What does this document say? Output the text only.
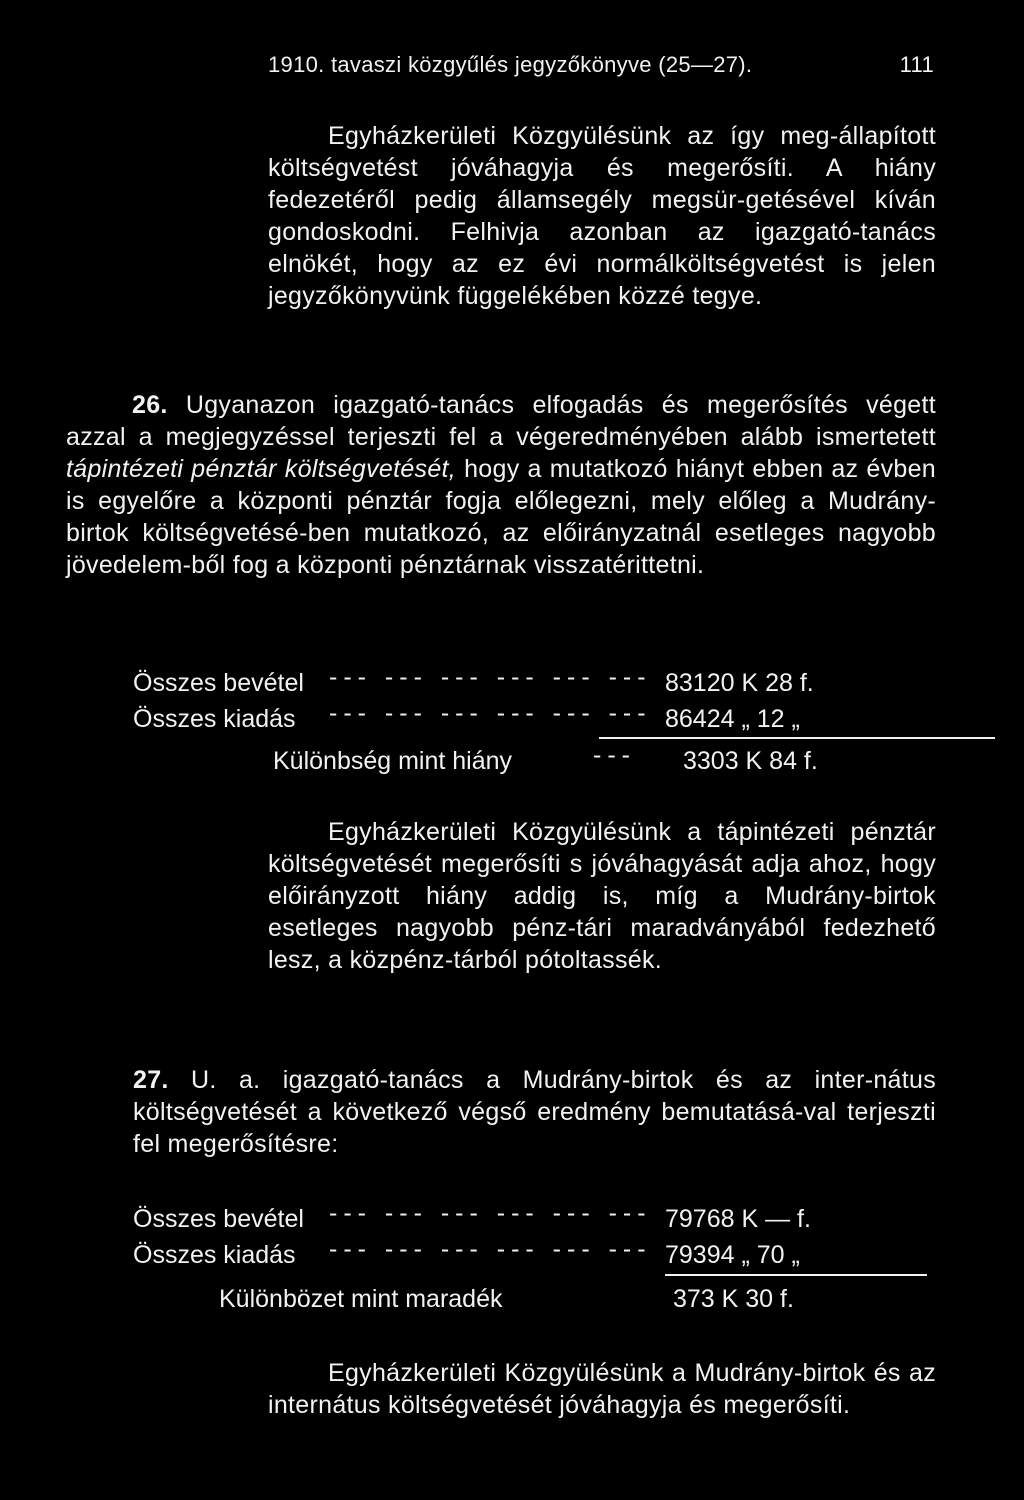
1910. tavaszi közgyűlés jegyzőkönyve (25—27).	111
Egyházkerületi Közgyülésünk az így meg-állapított költségvetést jóváhagyja és megerősíti. A hiány fedezetéről pedig államsegély megsür-getésével kíván gondoskodni. Felhivja azonban az igazgató-tanács elnökét, hogy az ez évi normálköltségvetést is jelen jegyzőkönyvünk függelékében közzé tegye.
26. Ugyanazon igazgató-tanács elfogadás és megerősítés végett azzal a megjegyzéssel terjeszti fel a végeredményében alább ismertetett tápintézeti pénztár költségvetését, hogy a mutatkozó hiányt ebben az évben is egyelőre a központi pénztár fogja előlegezni, mely előleg a Mudrány-birtok költségvetésé-ben mutatkozó, az előirányzatnál esetleges nagyobb jövedelem-ből fog a központi pénztárnak visszatérittetni.
Összes bevétel --- --- --- --- --- --- 83120 K 28 f.
Összes kiadás --- --- --- --- --- --- 86424 „ 12 „
Különbség mint hiány	--- 3303 K 84 f.
Egyházkerületi Közgyülésünk a tápintézeti pénztár költségvetését megerősíti s jóváhagyását adja ahoz, hogy előirányzott hiány addig is, míg a Mudrány-birtok esetleges nagyobb pénz-tári maradványából fedezhető lesz, a közpénz-tárból pótoltassék.
27. U. a. igazgató-tanács a Mudrány-birtok és az inter-nátus költségvetését a következő végső eredmény bemutatásá-val terjeszti fel megerősítésre:
Összes bevétel --- --- --- --- --- --- 79768 K — f.
Összes kiadás --- --- --- --- --- --- 79394 „ 70 „
Különbözet mint maradék	373 K 30 f.
Egyházkerületi Közgyülésünk a Mudrány-birtok és az internátus költségvetését jóváhagyja és megerősíti.
